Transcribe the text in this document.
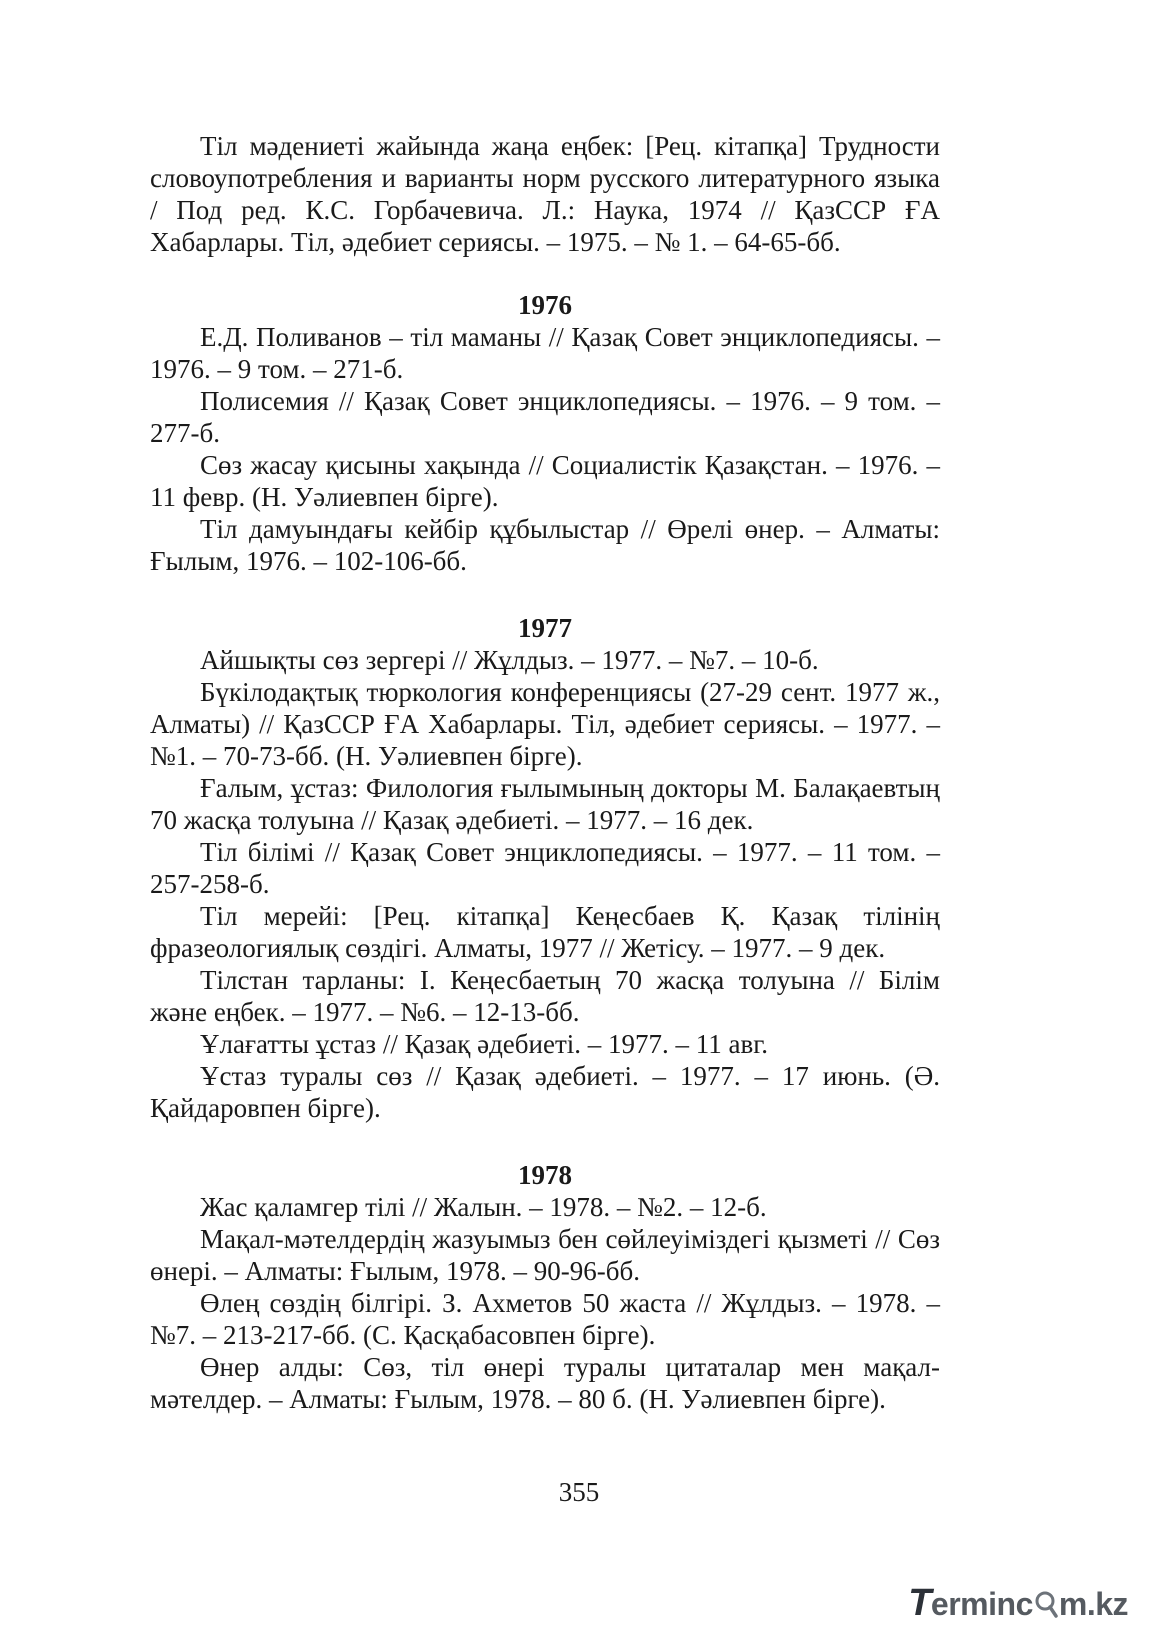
Тіл мәдениеті жайында жаңа еңбек: [Рец. кітапқа] Трудности словоупотребления и варианты норм русского литературного языка / Под ред. К.С. Горбачевича. Л.: Наука, 1974 // ҚазССР ҒА Хабарлары. Тіл, әдебиет сериясы. – 1975. – № 1. – 64-65-бб.

1976

Е.Д. Поливанов – тіл маманы // Қазақ Совет энциклопедиясы. – 1976. – 9 том. – 271-б.

Полисемия // Қазақ Совет энциклопедиясы. – 1976. – 9 том. – 277-б.

Сөз жасау қисыны хақында // Социалистік Қазақстан. – 1976. – 11 февр. (Н. Уәлиевпен бірге).

Тіл дамуындағы кейбір құбылыстар // Өрелі өнер. – Алматы: Ғылым, 1976. – 102-106-бб.

1977

Айшықты сөз зергері // Жұлдыз. – 1977. – №7. – 10-б.

Бүкілодақтық тюркология конференциясы (27-29 сент. 1977 ж., Алматы) // ҚазССР ҒА Хабарлары. Тіл, әдебиет сериясы. – 1977. – №1. – 70-73-бб. (Н. Уәлиевпен бірге).

Ғалым, ұстаз: Филология ғылымының докторы М. Балақаевтың 70 жасқа толуына // Қазақ әдебиеті. – 1977. – 16 дек.

Тіл білімі // Қазақ Совет энциклопедиясы. – 1977. – 11 том. – 257-258-б.

Тіл мерейі: [Рец. кітапқа] Кеңесбаев Қ. Қазақ тілінің фразеологиялық сөздігі. Алматы, 1977 // Жетісу. – 1977. – 9 дек.

Тілстан тарланы: І. Кеңесбаетың 70 жасқа толуына // Білім және еңбек. – 1977. – №6. – 12-13-бб.

Ұлағатты ұстаз // Қазақ әдебиеті. – 1977. – 11 авг.

Ұстаз туралы сөз // Қазақ әдебиеті. – 1977. – 17 июнь. (Ә. Қайдаровпен бірге).

1978

Жас қаламгер тілі // Жалын. – 1978. – №2. – 12-б.

Мақал-мәтелдердің жазуымыз бен сөйлеуіміздегі қызметі // Сөз өнері. – Алматы: Ғылым, 1978. – 90-96-бб.

Өлең сөздің білгірі. З. Ахметов 50 жаста // Жұлдыз. – 1978. – №7. – 213-217-бб. (С. Қасқабасовпен бірге).

Өнер алды: Сөз, тіл өнері туралы цитаталар мен мақал-мәтелдер. – Алматы: Ғылым, 1978. – 80 б. (Н. Уәлиевпен бірге).

355
Terminc m.kz
